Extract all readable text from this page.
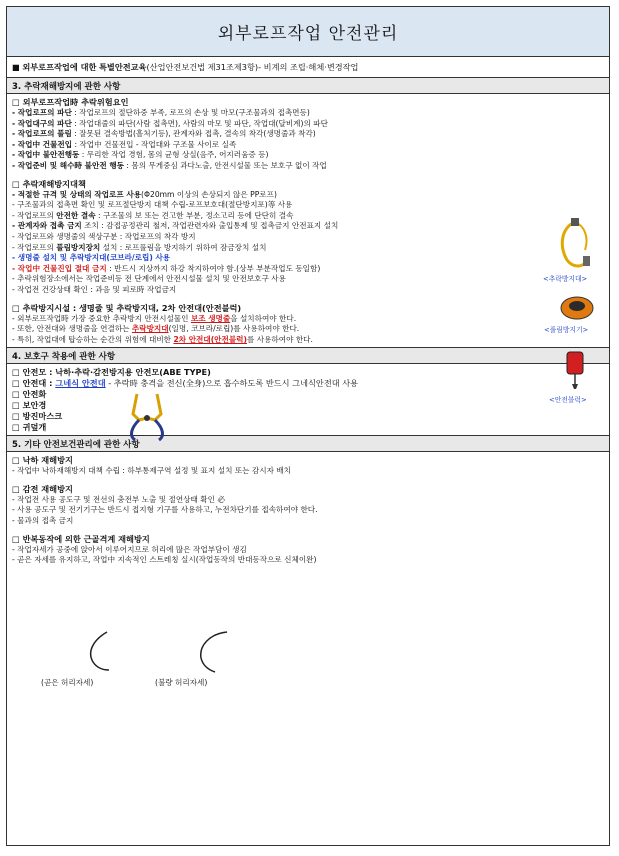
외부로프작업 안전관리
■
외부로프작업에 대한
특별안전교육 (산업안전보건법 제31조제3항)- 비계의 조립·해체·변경작업
3. 추락재해방지에 관한 사항
□ 외부로프작업時 추락위험요인
- 작업로프의 파단 : 작업로프의 절단하중 부족, 로프의 손상 및 마모(구조물과의 접촉면등)
- 작업대구의 파단 : 작업대줄의 파단(사람 접촉면), 사람의 마모 및 파단, 작업대(달비계)의 파단
- 작업로프의 풀림 : 잘못된 결속방법(흘처기등), 관계자와 접촉, 결속의 착각(생명줄과 착각)
- 작업中 건물전입 : 작업中 건물전입 - 작업대와 구조물 사이로 실족
- 작업中 불안전행동 : 무리한 작업 경험, 몸의 균형 상실(음주, 어지러움증 등)
- 작업준비 및 해수時 불안전 행동 : 몸의 무게중심 과다노출, 안전시설물 또는 보호구 없이 작업
□ 추락재해방지대책
- 적절한 규격 및 상태의 작업로프 사용(Φ20mm 이상의 손상되지 않은 PP로프)
- 구조물과의 접촉면 확인 및 로프절단방지 대책 수립-로프보호대(절단방지포)等 사용
- 작업로프의 안전한 결속 : 구조물의 보 또는 견고한 부분, 정소고리 등에 단단히 결속
- 관계자와 접촉 금지 조치 : 감접공정관리 철저, 작업관련자와 출입통제 및 접촉금지 안전표지 설치
- 작업로프와 생명줄의 색상구분 : 작업로프의 착각 방지
- 작업로프의 풀림방지장치 설치 : 로프풀림을 방지하기 위하여 잠금장치 설치
- 생명줄 설치 및 추락방지대(코브라/로립) 사용
- 작업中 건물진입 절대 금지 : 반드시 지상까지 하강 착지하여야 함.(상부 부분작업도 동일함)
- 추락위험장소에서는 작업준비등 전 단계에서 안전시설물 설치 및 안전보호구 사용
- 작업전 건강상태 확인 : 과음 및 피로時 작업금지
□ 추락방지시설 : 생명줄 및 추락방지대, 2차 안전대(안전블럭)
- 외부로프작업時 가장 중요한 추락방지 안전시설물인 보조 생명줄을 설치하여야 한다.
- 또한, 안전대와 생명줄을 연결하는 추락방지대(일명, 코브라/로립)를 사용하여야 한다.
- 특히, 작업대에 탑승하는 순간의 위험에 대비한 2차 안전대(안전블럭)를 사용하여야 한다.
<추락방지대>
<풀림방지기>
<안전블럭>
4. 보호구 착용에 관한 사항
□ 안전모 : 낙하·추락·감전방지용 안전모(ABE TYPE)
□ 안전대 : 그네식 안전대 - 추락時 충격을 전신(全身)으로 흡수하도록 반드시 그네식안전대 사용
□ 안전화
□ 보안경
□ 방진마스크
□ 귀덮개
5. 기타 안전보건관리에 관한 사항
□ 낙하 재해방지
- 작업中 낙하재해방지 대책 수립 : 하부통제구역 설정 및 표지 설치 또는 감시자 배치
□ 감전 재해방지
- 작업전 사용 공도구 및 전선의 충전부 노출 및 절연상태 확인 必
- 사용 공도구 및 전기기구는 반드시 접지형 기구를 사용하고, 누전차단기를 접속하여야 한다.
- 물과의 접촉 금지
□ 반복동작에 의한 근골격계 재해방지
- 작업자세가 공중에 앉아서 이루어지므로 허리에 많은 작업부담이 생김
- 곧은 자세를 유지하고, 작업中 지속적인 스트레칭 실시(작업동작의 반대동작으로 신체이완)
(곧은 허리자세)	(불량 허리자세)
